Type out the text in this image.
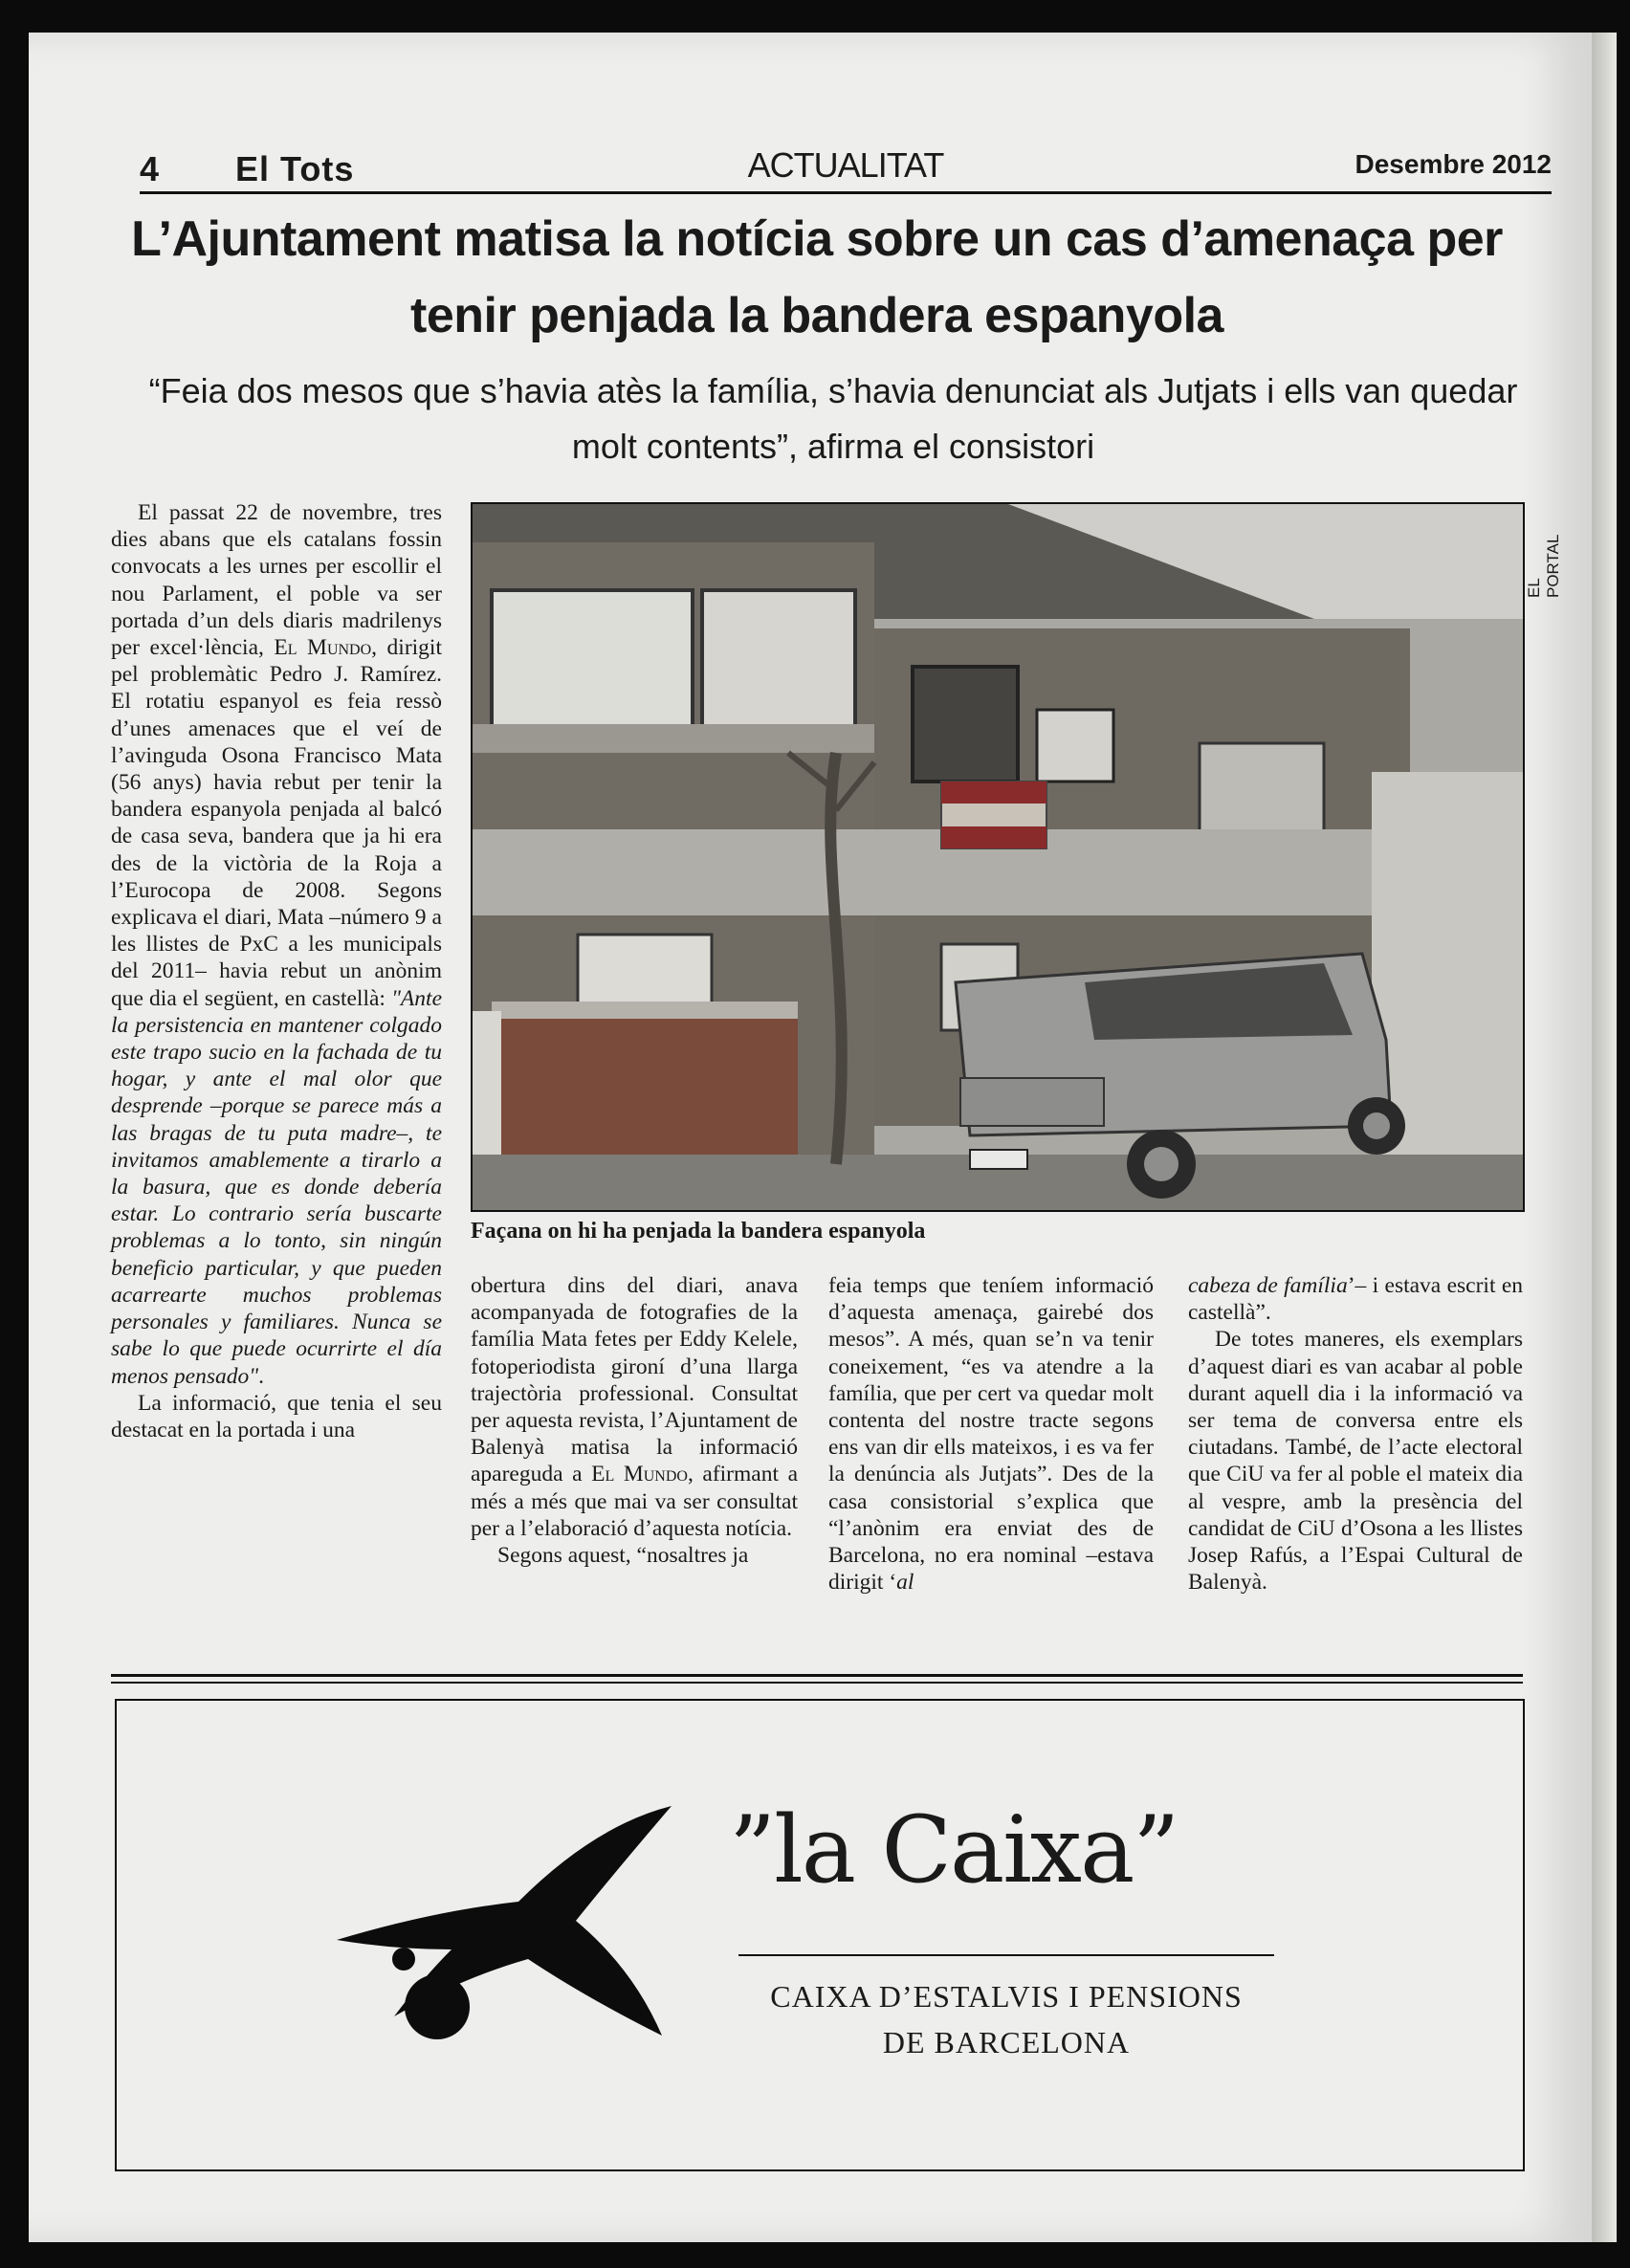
4 El Tots	ACTUALITAT	Desembre 2012
L’Ajuntament matisa la notícia sobre un cas d’amenaça per tenir penjada la bandera espanyola

“Feia dos mesos que s’havia atès la família, s’havia denunciat als Jutjats i ells van quedar molt contents”, afirma el consistori

El passat 22 de novembre, tres dies abans que els catalans fossin convocats a les urnes per escollir el nou Parlament, el poble va ser portada d’un dels diaris madrilenys per excel·lència, El Mundo, dirigit pel problemàtic Pedro J. Ramírez. El rotatiu espanyol es feia ressò d’unes amenaces que el veí de l’avinguda Osona Francisco Mata (56 anys) havia rebut per tenir la bandera espanyola penjada al balcó de casa seva, bandera que ja hi era des de la victòria de la Roja a l’Eurocopa de 2008. Segons explicava el diari, Mata –número 9 a les llistes de PxC a les municipals del 2011– havia rebut un anònim que dia el següent, en castellà: "Ante la persistencia en mantener colgado este trapo sucio en la fachada de tu hogar, y ante el mal olor que desprende –porque se parece más a las bragas de tu puta madre–, te invitamos amablemente a tirarlo a la basura, que es donde debería estar. Lo contrario sería buscarte problemas a lo tonto, sin ningún beneficio particular, y que pueden acarrearte muchos problemas personales y familiares. Nunca se sabe lo que puede ocurrirte el día menos pensado".

La informació, que tenia el seu destacat en la portada i una

Façana on hi ha penjada la bandera espanyola

EL PORTAL

obertura dins del diari, anava acompanyada de fotografies de la família Mata fetes per Eddy Kelele, fotoperiodista gironí d’una llarga trajectòria professional. Consultat per aquesta revista, l’Ajuntament de Balenyà matisa la informació apareguda a El Mundo, afirmant a més a més que mai va ser consultat per a l’elaboració d’aquesta notícia.

Segons aquest, “nosaltres ja

feia temps que teníem informació d’aquesta amenaça, gairebé dos mesos”. A més, quan se’n va tenir coneixement, “es va atendre a la família, que per cert va quedar molt contenta del nostre tracte segons ens van dir ells mateixos, i es va fer la denúncia als Jutjats”. Des de la casa consistorial s’explica que “l’anònim era enviat des de Barcelona, no era nominal –estava dirigit ‘al

cabeza de família’– i estava escrit en castellà”.

De totes maneres, els exemplars d’aquest diari es van acabar al poble durant aquell dia i la informació va ser tema de conversa entre els ciutadans. També, de l’acte electoral que CiU va fer al poble el mateix dia al vespre, amb la presència del candidat de CiU d’Osona a les llistes Josep Rafús, a l’Espai Cultural de Balenyà.

”la Caixa”
CAIXA D’ESTALVIS I PENSIONS
DE BARCELONA
